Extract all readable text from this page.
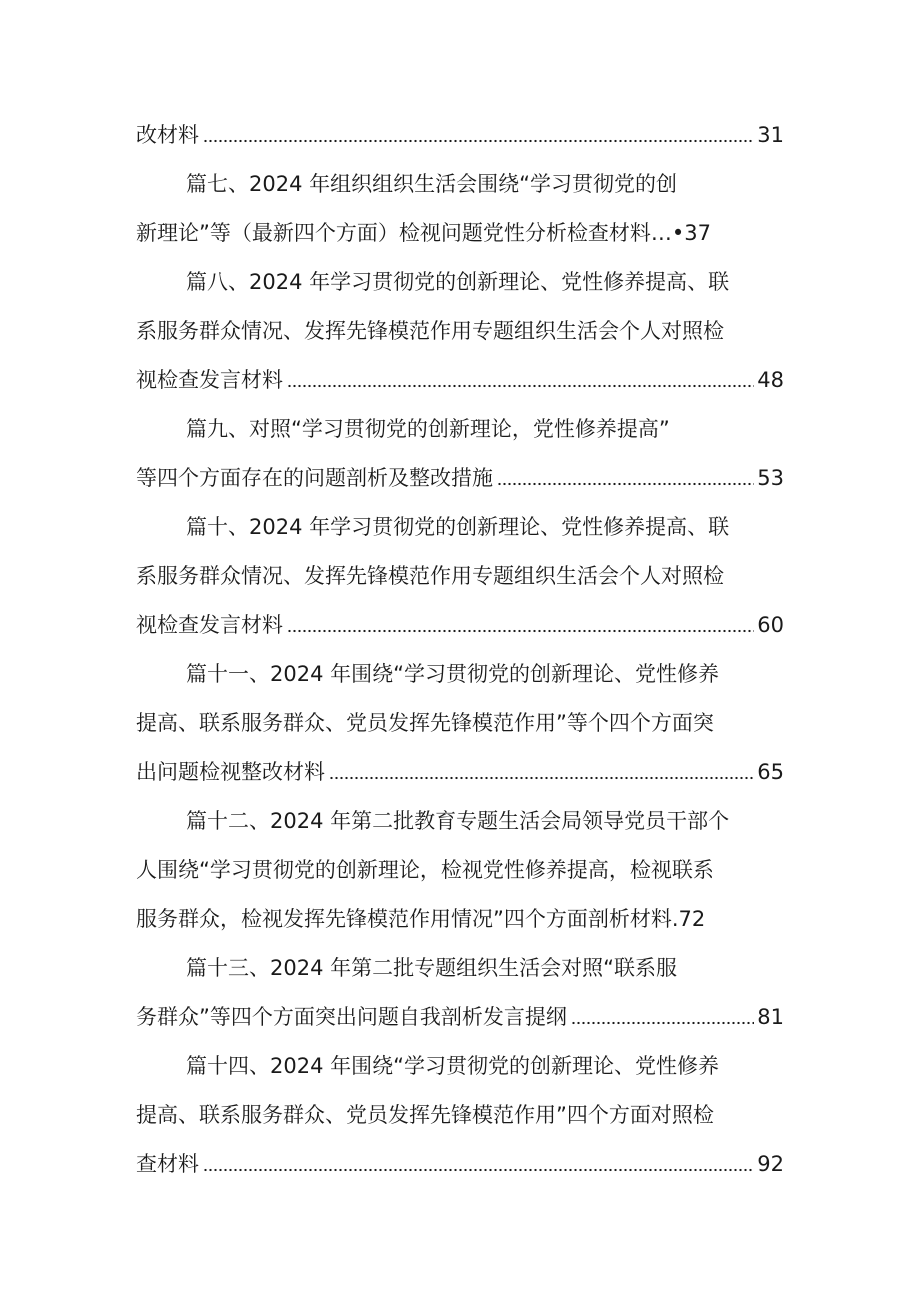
改材料	31
篇七、2024 年组织组织生活会围绕“学习贯彻党的创
新理论”等（最新四个方面）检视问题党性分析检查材料…•37
篇八、2024 年学习贯彻党的创新理论、党性修养提高、联
系服务群众情况、发挥先锋模范作用专题组织生活会个人对照检
视检查发言材料	48
篇九、对照“学习贯彻党的创新理论，党性修养提高”
等四个方面存在的问题剖析及整改措施	53
篇十、2024 年学习贯彻党的创新理论、党性修养提高、联
系服务群众情况、发挥先锋模范作用专题组织生活会个人对照检
视检查发言材料	60
篇十一、2024 年围绕“学习贯彻党的创新理论、党性修养
提高、联系服务群众、党员发挥先锋模范作用”等个四个方面突
出问题检视整改材料	65
篇十二、2024 年第二批教育专题生活会局领导党员干部个
人围绕“学习贯彻党的创新理论，检视党性修养提高，检视联系
服务群众，检视发挥先锋模范作用情况”四个方面剖析材料.72
篇十三、2024 年第二批专题组织生活会对照“联系服
务群众”等四个方面突出问题自我剖析发言提纲	81
篇十四、2024 年围绕“学习贯彻党的创新理论、党性修养
提高、联系服务群众、党员发挥先锋模范作用”四个方面对照检
查材料	92
